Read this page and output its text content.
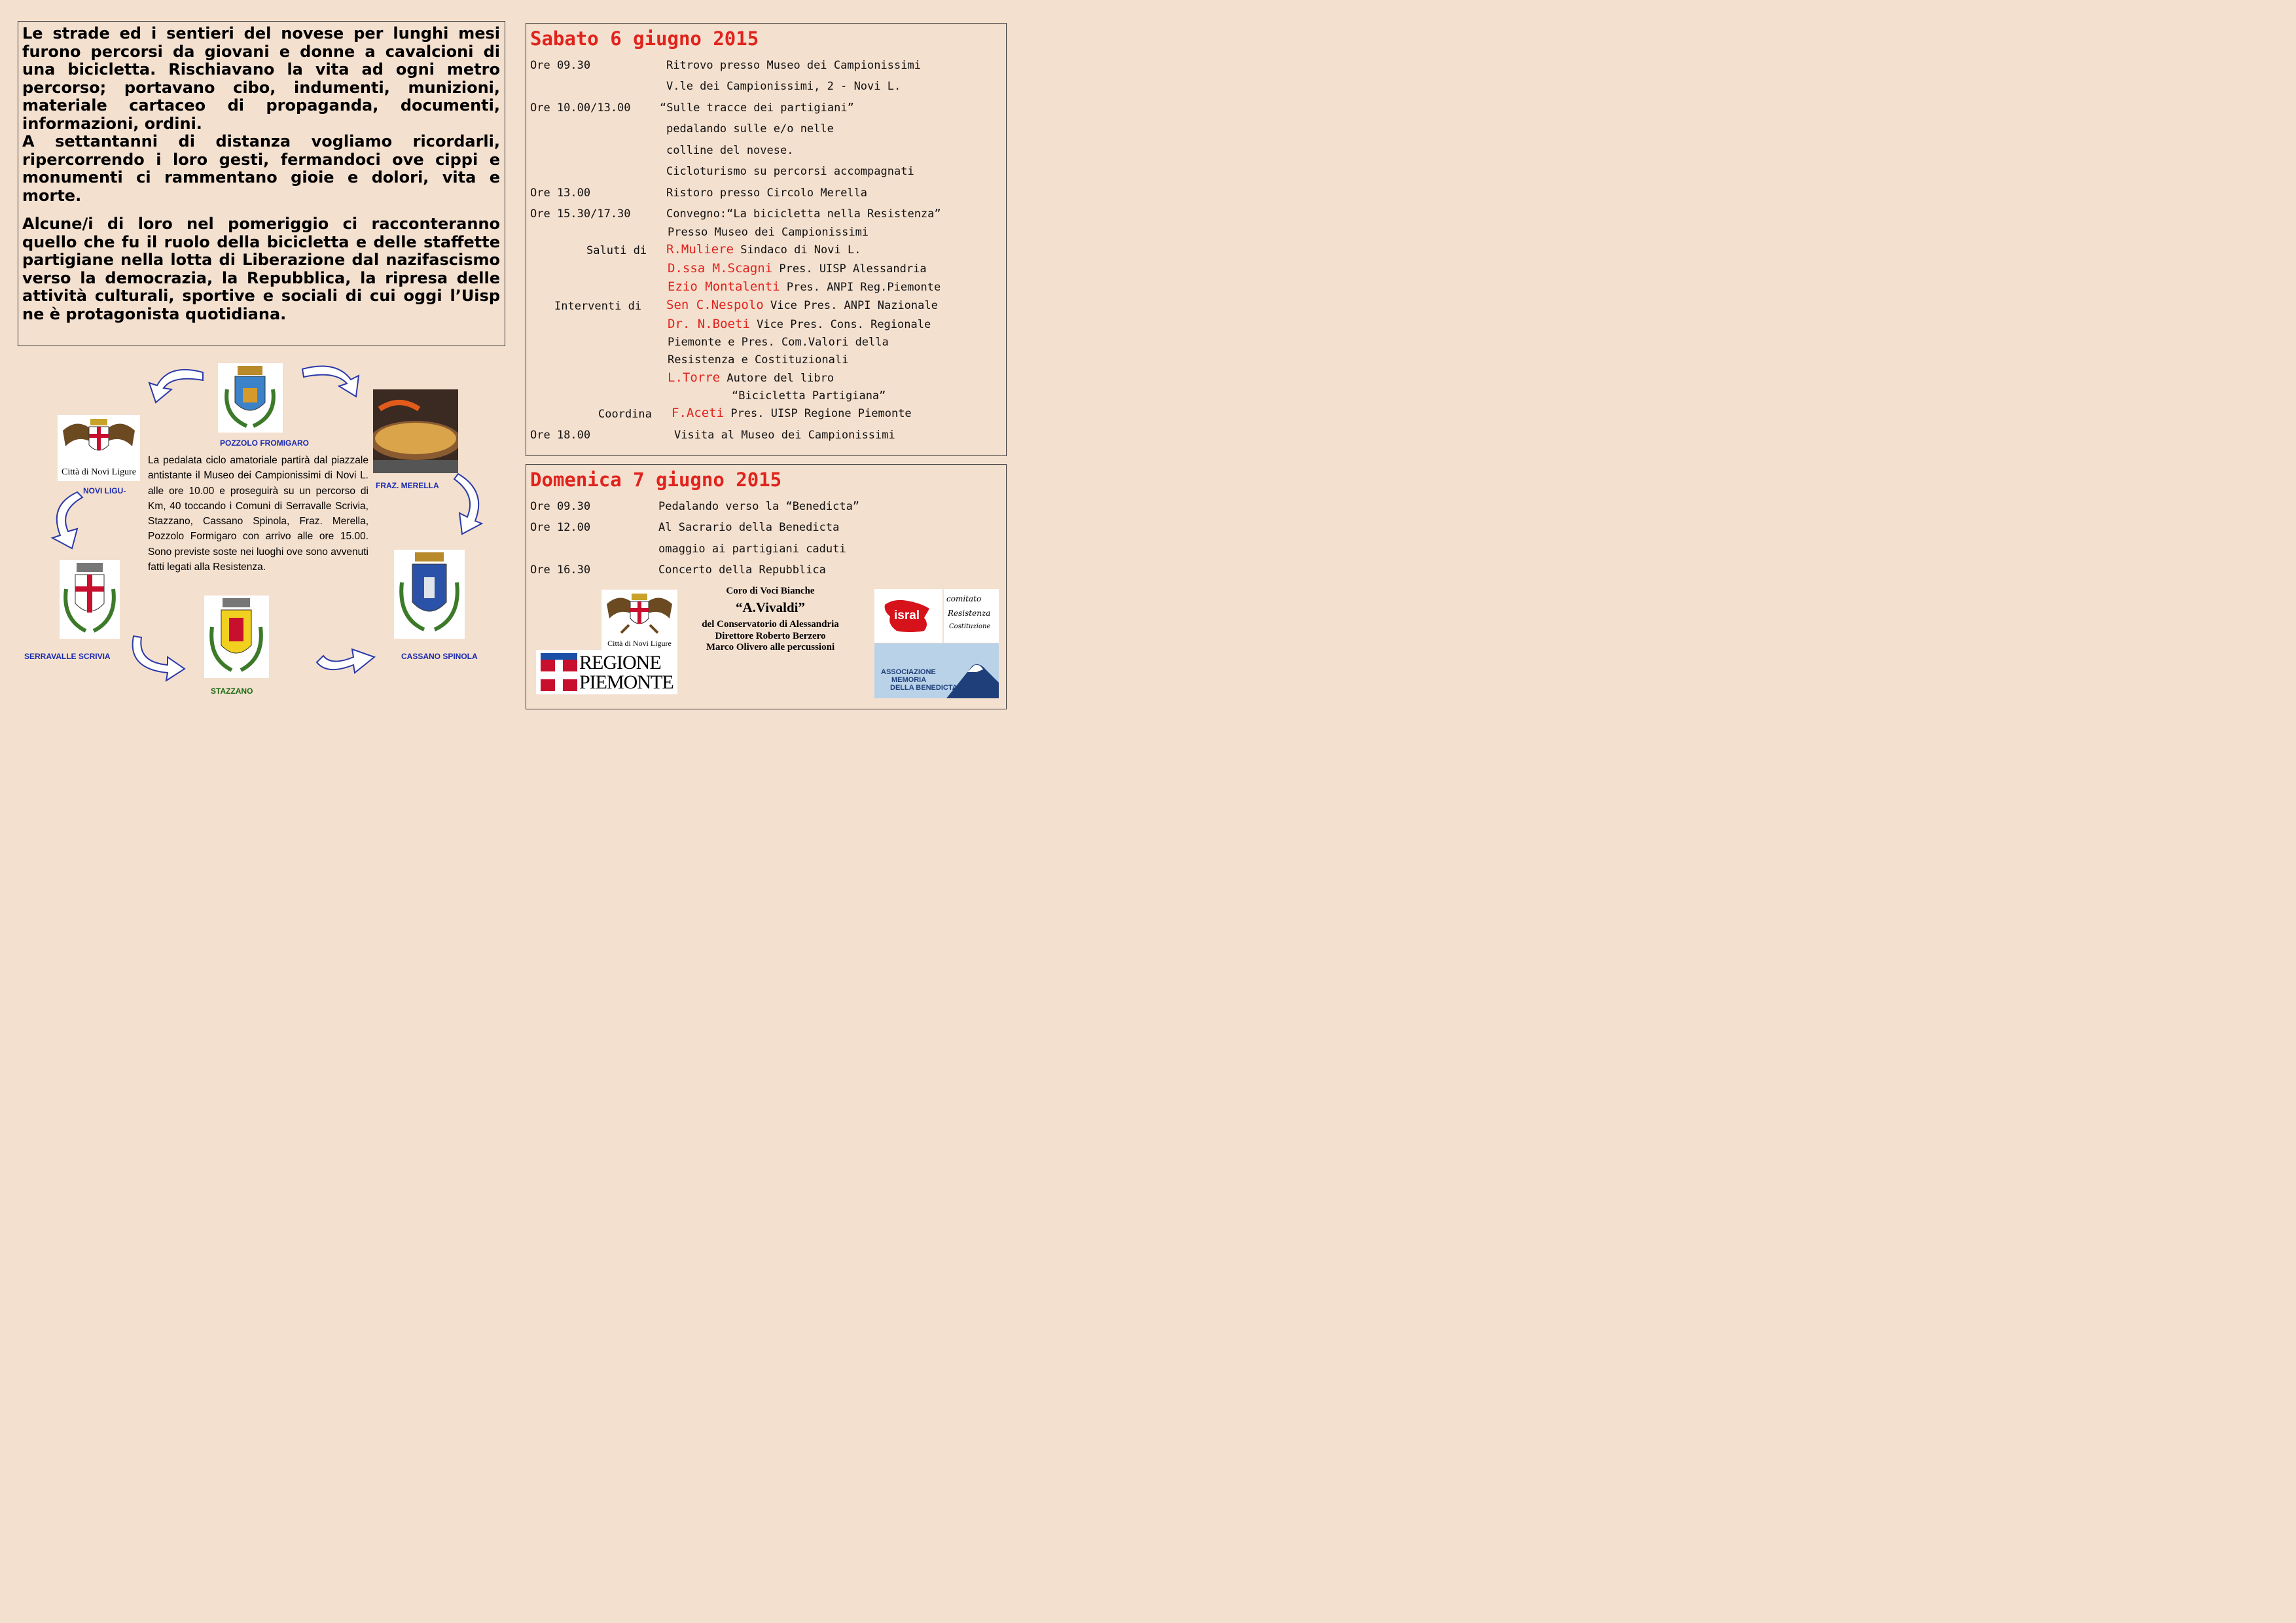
Le strade ed i sentieri del novese per lunghi mesi furono percorsi da giovani e donne a cavalcioni di una bicicletta. Rischiavano la vita ad ogni metro percorso; portavano cibo, indumenti, munizioni, materiale cartaceo di propaganda, documenti, informazioni, ordini.

A settantanni di distanza vogliamo ricordarli, ripercorrendo i loro gesti, fermandoci ove cippi e monumenti ci rammentano gioie e dolori, vita e morte.

Alcune/i di loro nel pomeriggio ci racconteranno quello che fu il ruolo della bicicletta e delle staffette partigiane nella lotta di Liberazione dal nazifascismo verso la democrazia, la Repubblica, la ripresa delle attività culturali, sportive e sociali di cui oggi l’Uisp ne è protagonista quotidiana.

Sabato 6 giugno 2015
Ore 09.30	Ritrovo presso Museo dei Campionissimi
V.le dei Campionissimi, 2 - Novi L.
Ore 10.00/13.00	“Sulle tracce dei partigiani”
pedalando sulle e/o nelle
colline del novese.
Cicloturismo su percorsi accompagnati
Ore 13.00	Ristoro presso Circolo Merella
Ore 15.30/17.30	Convegno:“La bicicletta nella Resistenza”
Presso Museo dei Campionissimi
Saluti di R.Muliere Sindaco di Novi L.
D.ssa M.Scagni Pres. UISP Alessandria
Ezio Montalenti Pres. ANPI Reg.Piemonte
Interventi di Sen C.Nespolo Vice Pres. ANPI Nazionale
Dr. N.Boeti Vice Pres. Cons. Regionale
Piemonte e Pres. Com.Valori della
Resistenza e Costituzionali
L.Torre Autore del libro
“Bicicletta Partigiana”
Coordina F.Aceti Pres. UISP Regione Piemonte
Ore 18.00	Visita al Museo dei Campionissimi
Domenica 7 giugno 2015
Ore 09.30	Pedalando verso la “Benedicta”
Ore 12.00	Al Sacrario della Benedicta
omaggio ai partigiani caduti
Ore 16.30	Concerto della Repubblica
Città di Novi Ligure
Coro di Voci Bianche
“A.Vivaldi”
del Conservatorio di Alessandria
Direttore Roberto Berzero
Marco Olivero alle percussioni
REGIONE
PIEMONTE
isral
comitato
Resistenza
Costituzione
ASSOCIAZIONE
MEMORIA
DELLA BENEDICTA
POZZOLO FROMIGARO
FRAZ. MERELLA
Città di Novi Ligure
NOVI LIGU-
SERRAVALLE SCRIVIA
STAZZANO
CASSANO SPINOLA

La pedalata ciclo amatoriale partirà dal piazzale antistante il Museo dei Campionissimi di Novi L. alle ore 10.00 e proseguirà su un percorso di Km, 40 toccando i Comuni di Serravalle Scrivia, Stazzano, Cassano Spinola, Fraz. Merella, Pozzolo Formigaro con arrivo alle ore 15.00. Sono previste soste nei luoghi ove sono avvenuti fatti legati alla Resistenza.
